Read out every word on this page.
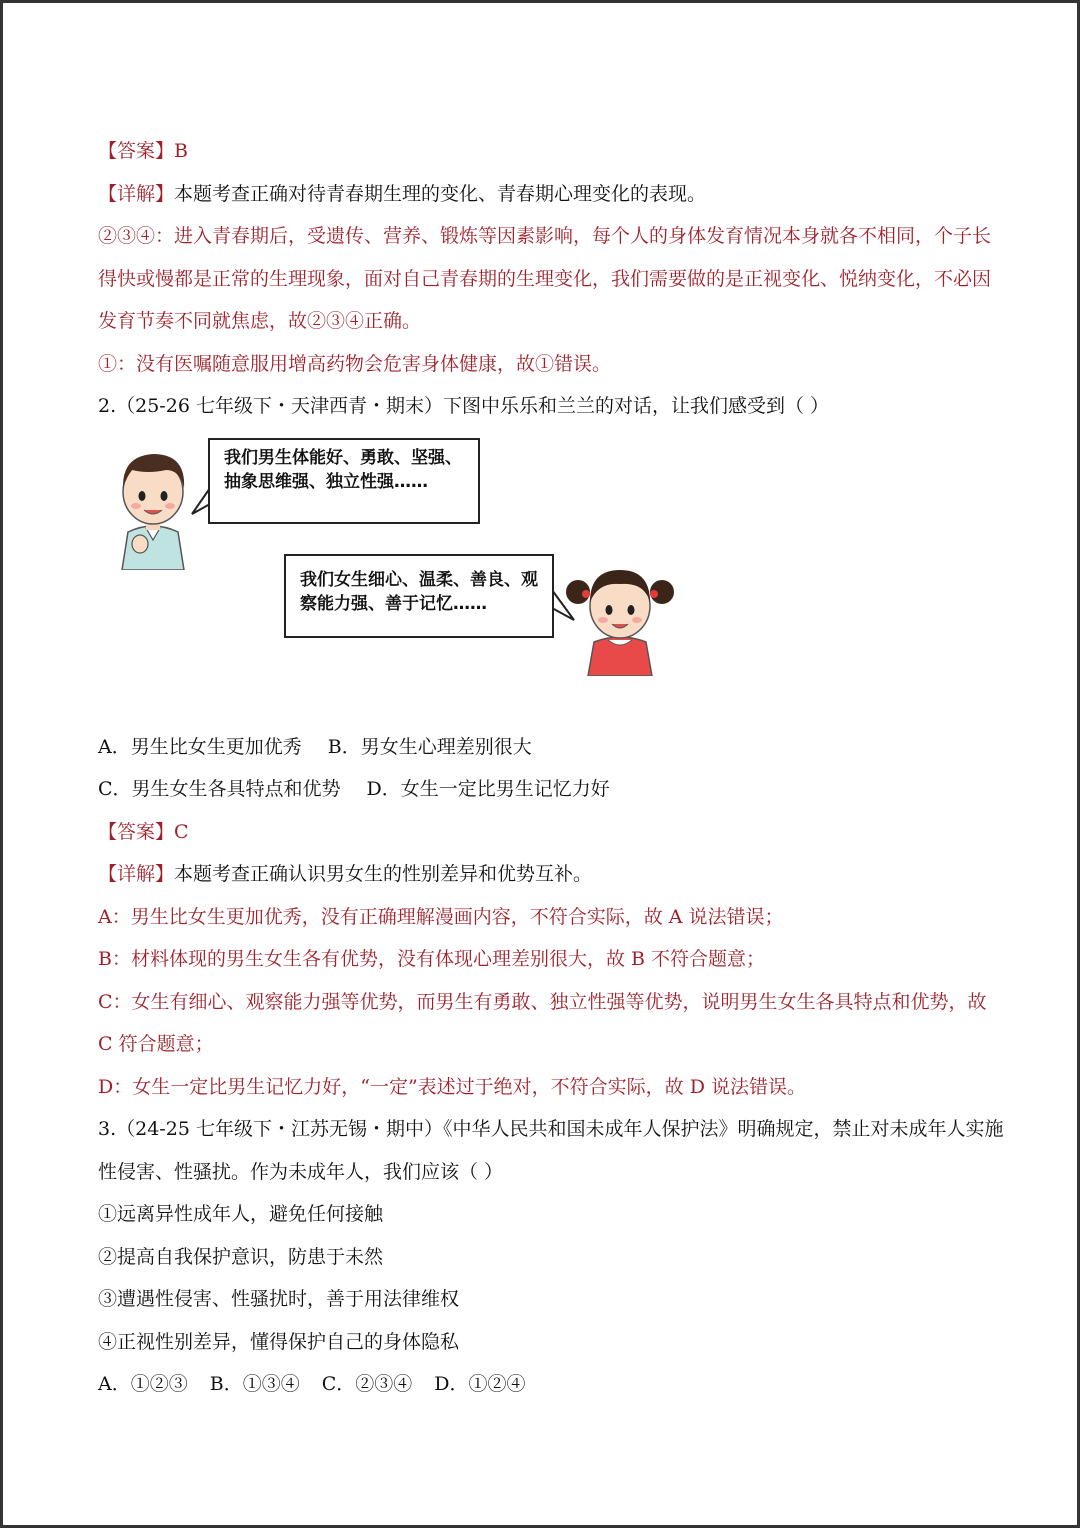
【答案】B
【详解】本题考查正确对待青春期生理的变化、青春期心理变化的表现。
②③④：进入青春期后，受遗传、营养、锻炼等因素影响，每个人的身体发育情况本身就各不相同，个子长
得快或慢都是正常的生理现象，面对自己青春期的生理变化，我们需要做的是正视变化、悦纳变化，不必因
发育节奏不同就焦虑，故②③④正确。
①：没有医嘱随意服用增高药物会危害身体健康，故①错误。
2.（25-26 七年级下・天津西青・期末）下图中乐乐和兰兰的对话，让我们感受到（ ）
我们男生体能好、勇敢、坚强、抽象思维强、独立性强……
我们女生细心、温柔、善良、观察能力强、善于记忆……
A．男生比女生更加优秀 B．男女生心理差别很大
C．男生女生各具特点和优势 D．女生一定比男生记忆力好
【答案】C
【详解】本题考查正确认识男女生的性别差异和优势互补。
A：男生比女生更加优秀，没有正确理解漫画内容，不符合实际，故 A 说法错误；
B：材料体现的男生女生各有优势，没有体现心理差别很大，故 B 不符合题意；
C：女生有细心、观察能力强等优势，而男生有勇敢、独立性强等优势，说明男生女生各具特点和优势，故
C 符合题意；
D：女生一定比男生记忆力好，“一定”表述过于绝对，不符合实际，故 D 说法错误。
3.（24-25 七年级下・江苏无锡・期中）《中华人民共和国未成年人保护法》明确规定，禁止对未成年人实施
性侵害、性骚扰。作为未成年人，我们应该（ ）
①远离异性成年人，避免任何接触
②提高自我保护意识，防患于未然
③遭遇性侵害、性骚扰时，善于用法律维权
④正视性别差异，懂得保护自己的身体隐私
A．①②③ B．①③④ C．②③④ D．①②④
